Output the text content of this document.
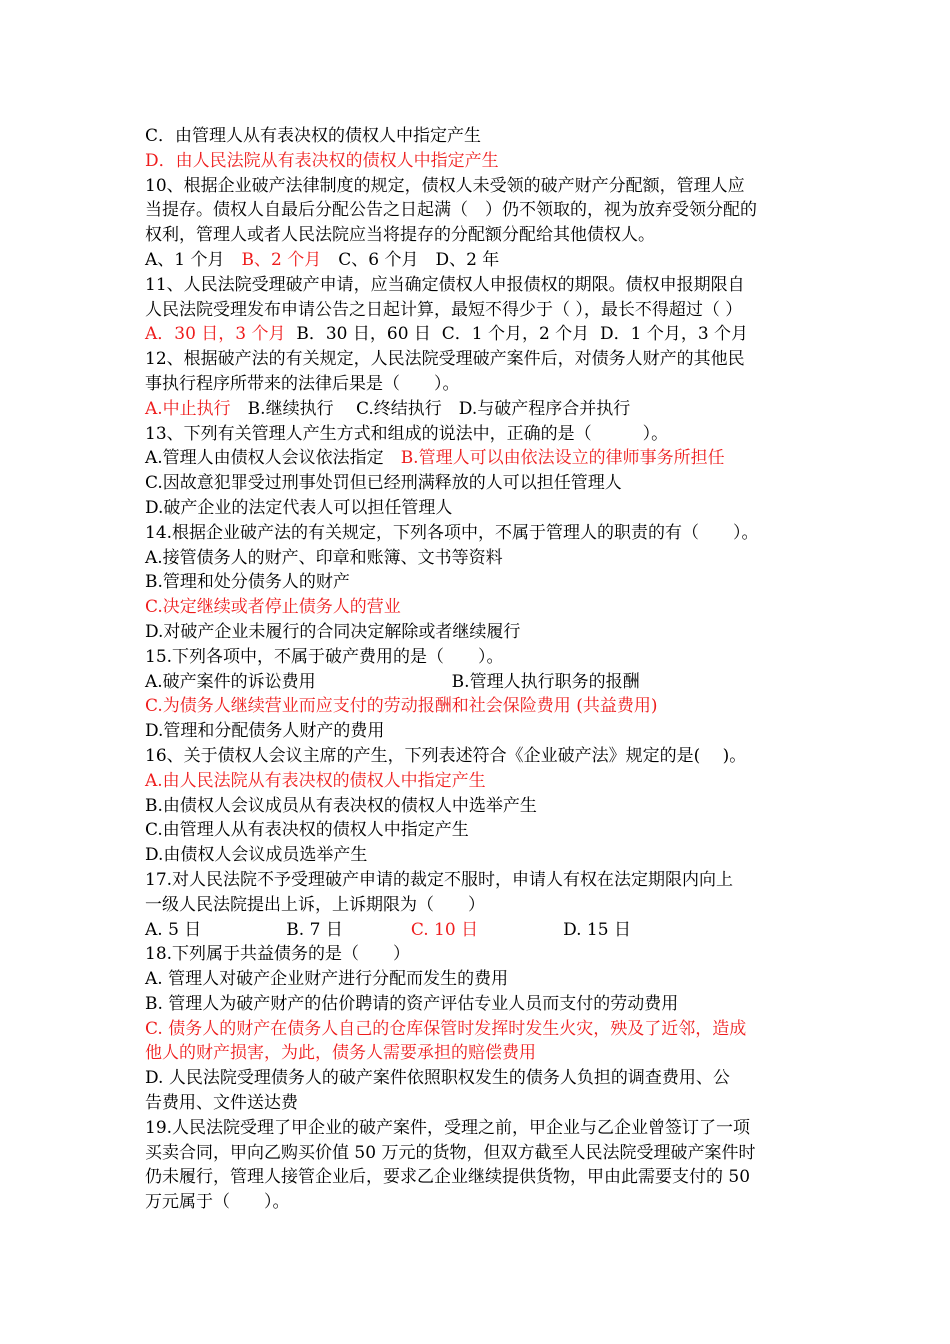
C．由管理人从有表决权的债权人中指定产生
D．由人民法院从有表决权的债权人中指定产生
10、根据企业破产法律制度的规定，债权人未受领的破产财产分配额，管理人应
当提存。债权人自最后分配公告之日起满（　）仍不领取的，视为放弃受领分配的
权利，管理人或者人民法院应当将提存的分配额分配给其他债权人。
A、1 个月　B、2 个月　C、6 个月　D、2 年
11、人民法院受理破产申请，应当确定债权人申报债权的期限。债权申报期限自
人民法院受理发布申请公告之日起计算，最短不得少于（ ），最长不得超过（ ）
A．30 日，3 个月  B．30 日，60 日  C．1 个月，2 个月  D．1 个月，3 个月
12、根据破产法的有关规定，人民法院受理破产案件后，对债务人财产的其他民
事执行程序所带来的法律后果是（　　）。
A.中止执行　B.继续执行　 C.终结执行　D.与破产程序合并执行
13、下列有关管理人产生方式和组成的说法中，正确的是（　　　）。
A.管理人由债权人会议依法指定　B.管理人可以由依法设立的律师事务所担任
C.因故意犯罪受过刑事处罚但已经刑满释放的人可以担任管理人
D.破产企业的法定代表人可以担任管理人
14.根据企业破产法的有关规定，下列各项中，不属于管理人的职责的有（　　）。
A.接管债务人的财产、印章和账簿、文书等资料
B.管理和处分债务人的财产
C.决定继续或者停止债务人的营业
D.对破产企业未履行的合同决定解除或者继续履行
15.下列各项中，不属于破产费用的是（　　）。
A.破产案件的诉讼费用　　　　　　　　B.管理人执行职务的报酬
C.为债务人继续营业而应支付的劳动报酬和社会保险费用 (共益费用)
D.管理和分配债务人财产的费用
16、关于债权人会议主席的产生，下列表述符合《企业破产法》规定的是(　 )。
A.由人民法院从有表决权的债权人中指定产生
B.由债权人会议成员从有表决权的债权人中选举产生
C.由管理人从有表决权的债权人中指定产生
D.由债权人会议成员选举产生
17.对人民法院不予受理破产申请的裁定不服时，申请人有权在法定期限内向上
一级人民法院提出上诉，上诉期限为（　　）
A. 5 日　　　　　B. 7 日　　　　C. 10 日　　　　　D. 15 日
18.下列属于共益债务的是（　　）
A. 管理人对破产企业财产进行分配而发生的费用
B. 管理人为破产财产的估价聘请的资产评估专业人员而支付的劳动费用
C. 债务人的财产在债务人自己的仓库保管时发挥时发生火灾，殃及了近邻，造成
他人的财产损害，为此，债务人需要承担的赔偿费用
D. 人民法院受理债务人的破产案件依照职权发生的债务人负担的调查费用、公
告费用、文件送达费
19.人民法院受理了甲企业的破产案件，受理之前，甲企业与乙企业曾签订了一项
买卖合同，甲向乙购买价值 50 万元的货物，但双方截至人民法院受理破产案件时
仍未履行，管理人接管企业后，要求乙企业继续提供货物，甲由此需要支付的 50
万元属于（　　）。
